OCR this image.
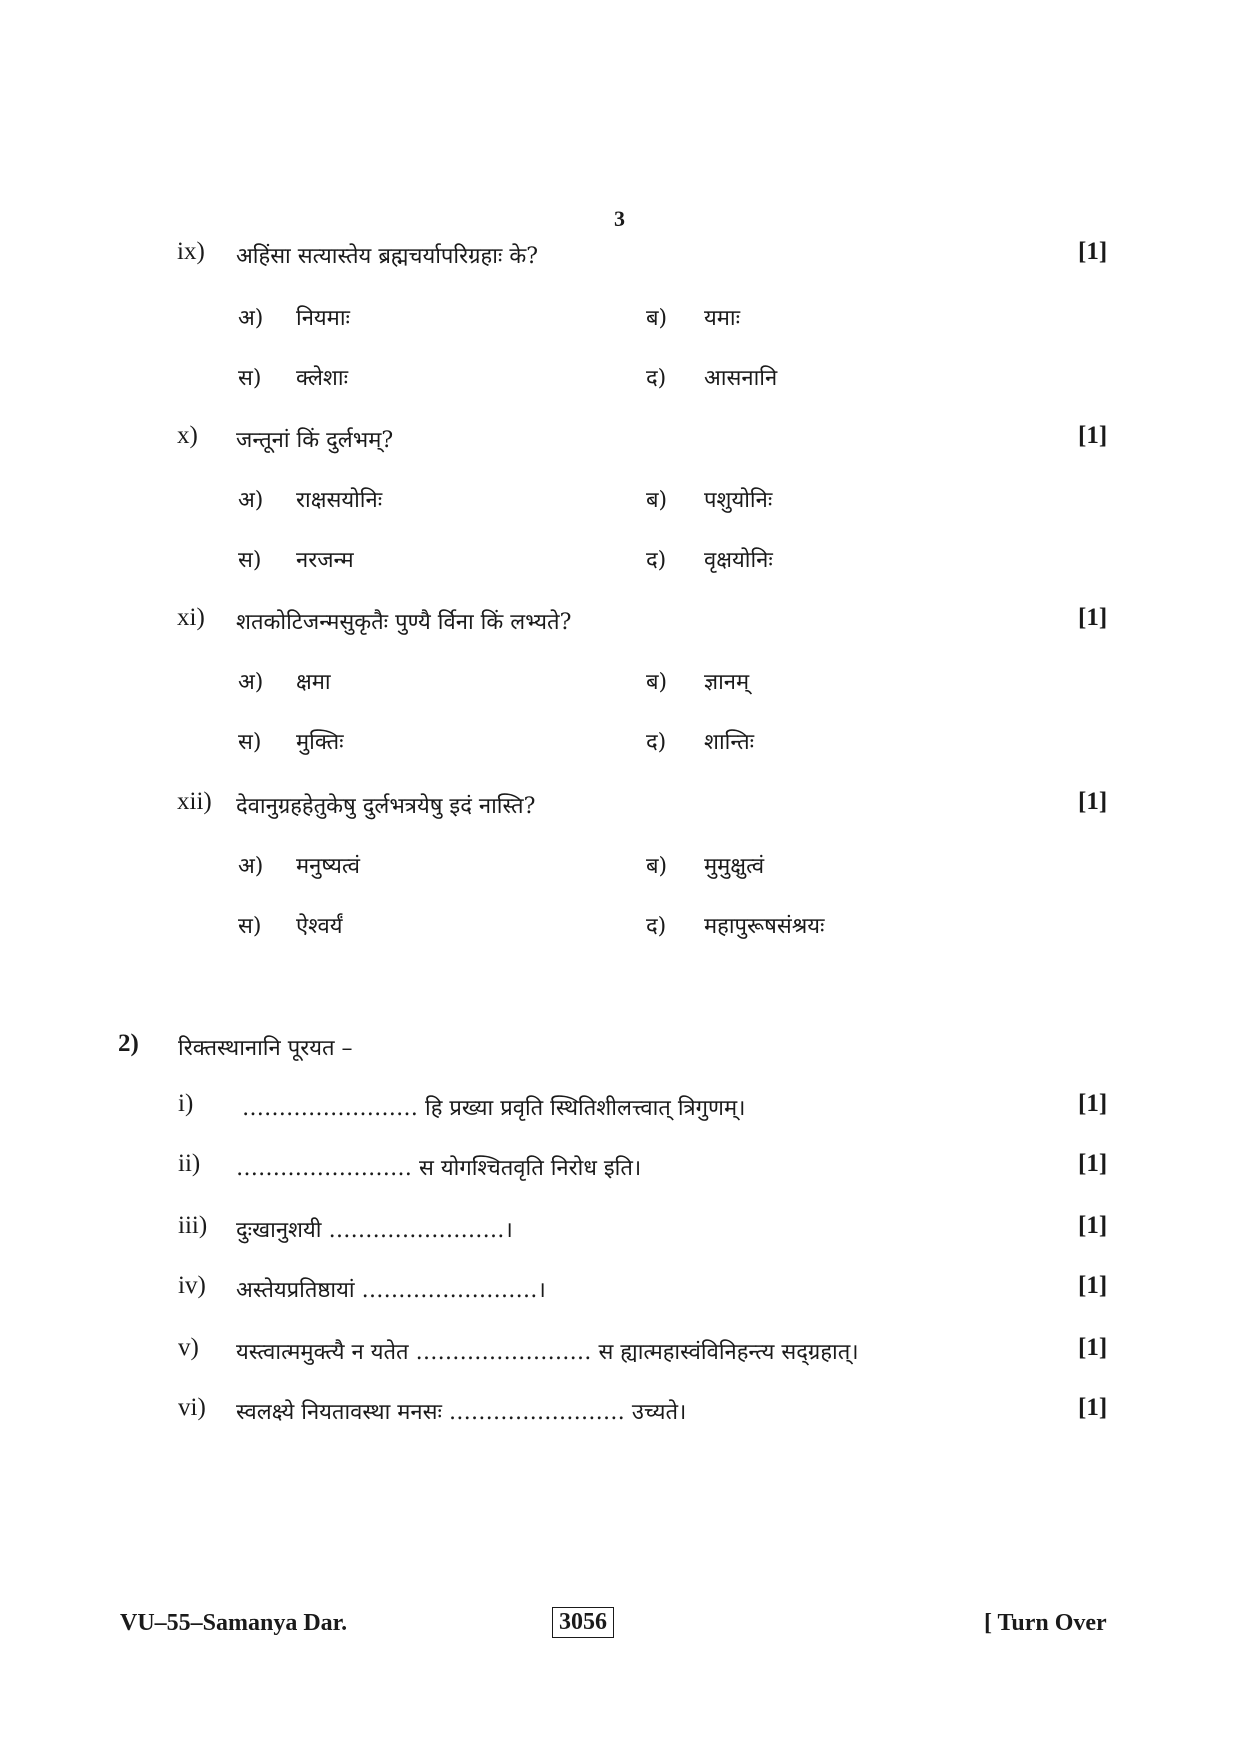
3
ix) अहिंसा सत्यास्तेय ब्रह्मचर्यापरिग्रहाः के?	[1]
अ) नियमाः	ब) यमाः
स) क्लेशाः	द) आसनानि
x) जन्तूनां किं दुर्लभम्?	[1]
अ) राक्षसयोनिः	ब) पशुयोनिः
स) नरजन्म	द) वृक्षयोनिः
xi) शतकोटिजन्मसुकृतैः पुण्यै र्विना किं लभ्यते?	[1]
अ) क्षमा	ब) ज्ञानम्
स) मुक्तिः	द) शान्तिः
xii) देवानुग्रहहेतुकेषु दुर्लभत्रयेषु इदं नास्ति?	[1]
अ) मनुष्यत्वं	ब) मुमुक्षुत्वं
स) ऐश्वर्यं	द) महापुरूषसंश्रयः
2) रिक्तस्थानानि पूरयत –
i) …………………… हि प्रख्या प्रवृति स्थितिशीलत्त्वात् त्रिगुणम्।	[1]
ii) …………………… स योगश्चितवृति निरोध इति।	[1]
iii) दुःखानुशयी ……………………।	[1]
iv) अस्तेयप्रतिष्ठायां ……………………।	[1]
v) यस्त्वात्ममुक्त्यै न यतेत …………………… स ह्यात्महास्वंविनिहन्त्य सद्ग्रहात्।	[1]
vi) स्वलक्ष्ये नियतावस्था मनसः …………………… उच्यते।	[1]
VU–55–Samanya Dar.	3056	[ Turn Over
